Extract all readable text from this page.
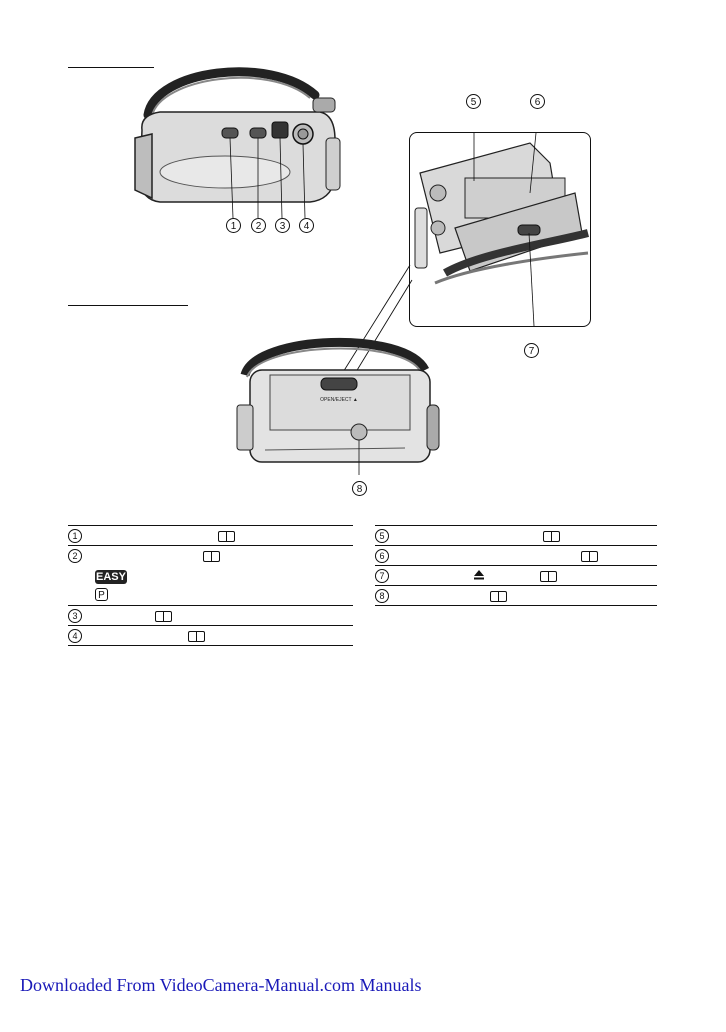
1	2	3	4
5	6
7
OPEN/EJECT ▲
8
1
2
EASY
P
3
4
5
6
7
8
Downloaded From VideoCamera-Manual.com Manuals
